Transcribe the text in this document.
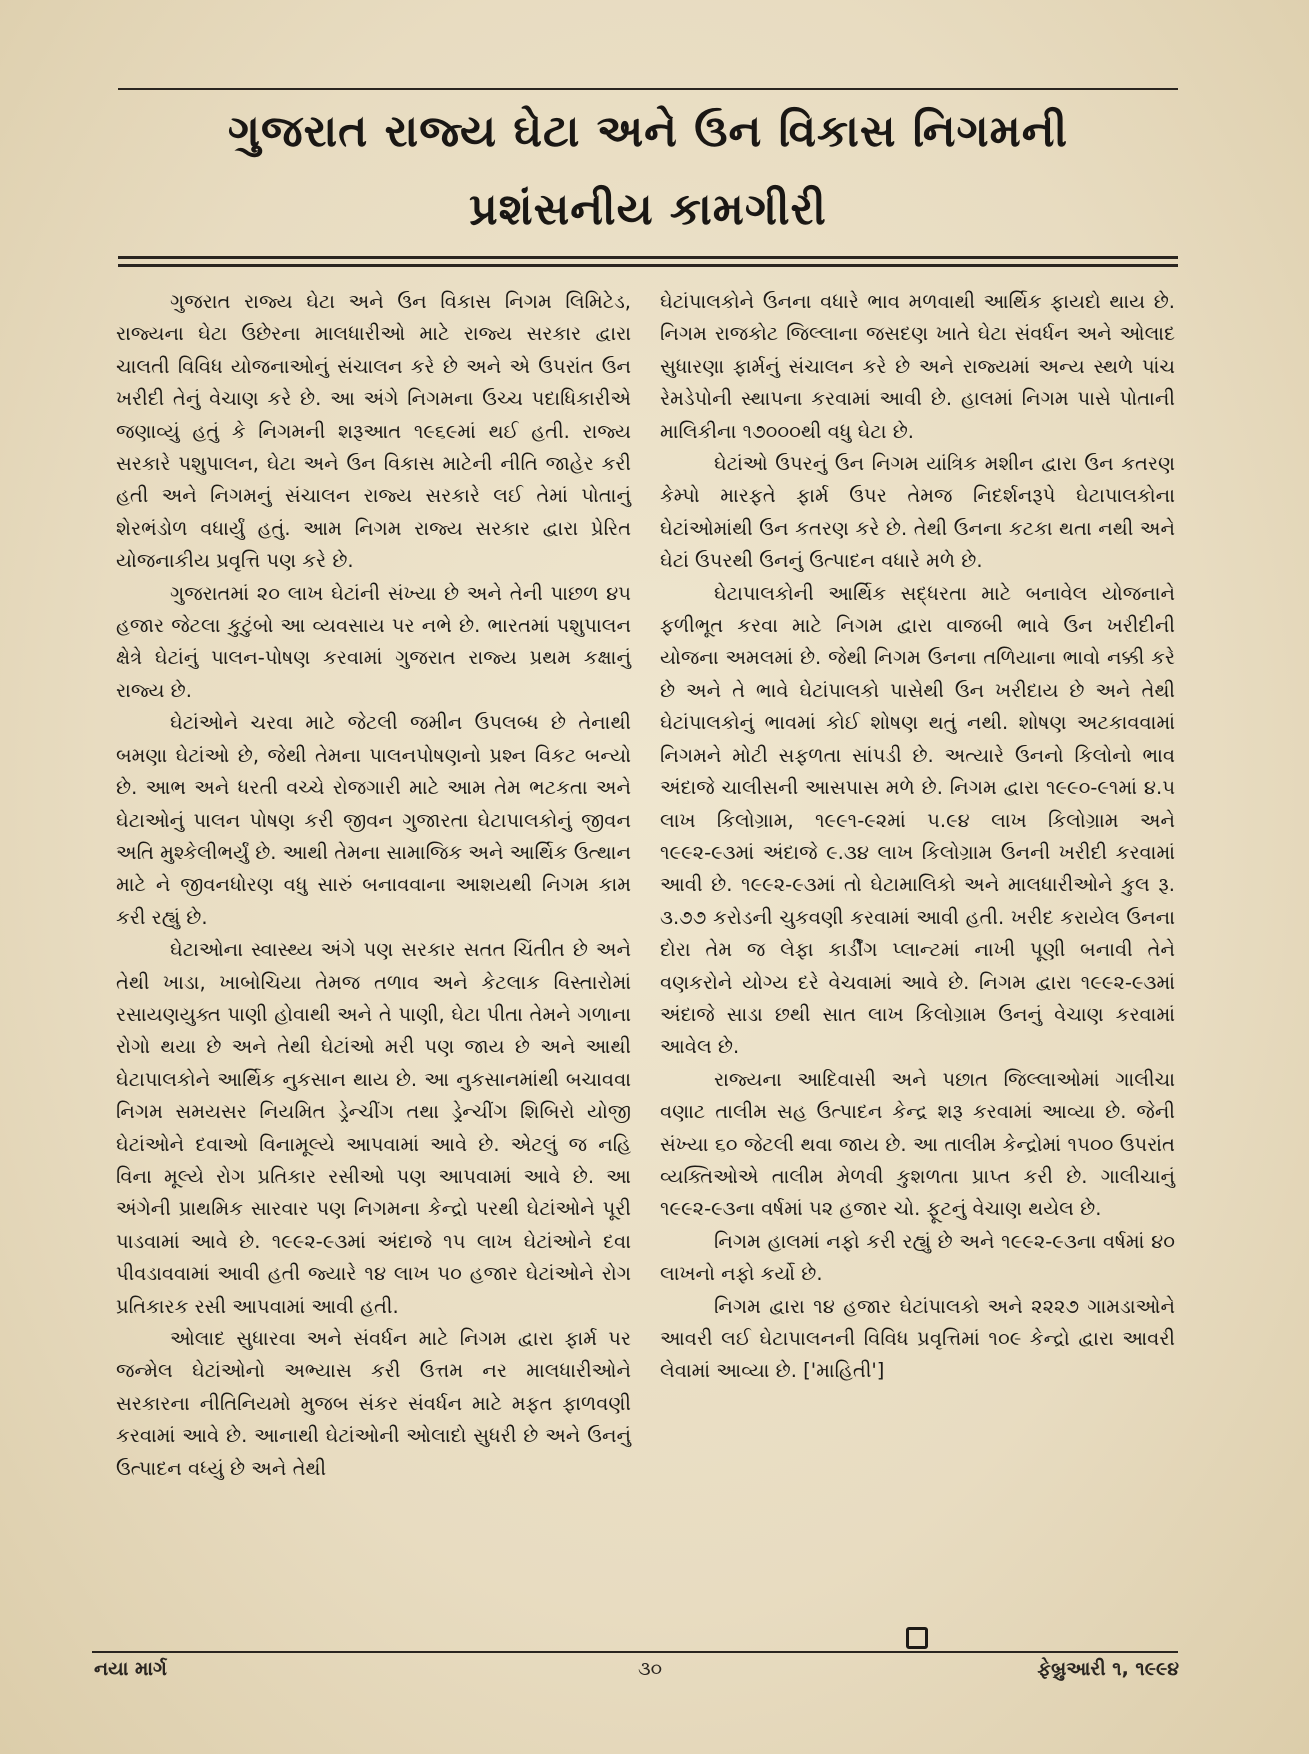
ગુજરાત રાજ્ય ઘેટા અને ઉન વિકાસ નિગમની
પ્રશંસનીય કામગીરી

ગુજરાત રાજ્ય ઘેટા અને ઉન વિકાસ નિગમ લિમિટેડ, રાજ્યના ઘેટા ઉછેરના માલધારીઓ માટે રાજ્ય સરકાર દ્વારા ચાલતી વિવિધ યોજનાઓનું સંચાલન કરે છે અને એ ઉપરાંત ઉન ખરીદી તેનું વેચાણ કરે છે. આ અંગે નિગમના ઉચ્ચ પદાધિકારીએ જણાવ્યું હતું કે નિગમની શરૂઆત ૧૯૬૯માં થઈ હતી. રાજ્ય સરકારે પશુપાલન, ઘેટા અને ઉન વિકાસ માટેની નીતિ જાહેર કરી હતી અને નિગમનું સંચાલન રાજ્ય સરકારે લઈ તેમાં પોતાનું શેરભંડોળ વધાર્યું હતું. આમ નિગમ રાજ્ય સરકાર દ્વારા પ્રેરિત યોજનાકીય પ્રવૃત્તિ પણ કરે છે.

ગુજરાતમાં ૨૦ લાખ ઘેટાંની સંખ્યા છે અને તેની પાછળ ૪૫ હજાર જેટલા કુટુંબો આ વ્યવસાય પર નભે છે. ભારતમાં પશુપાલન ક્ષેત્રે ઘેટાંનું પાલન-પોષણ કરવામાં ગુજરાત રાજ્ય પ્રથમ કક્ષાનું રાજ્ય છે.

ઘેટાંઓને ચરવા માટે જેટલી જમીન ઉપલબ્ધ છે તેનાથી બમણા ઘેટાંઓ છે, જેથી તેમના પાલનપોષણનો પ્રશ્ન વિકટ બન્યો છે. આભ અને ધરતી વચ્ચે રોજગારી માટે આમ તેમ ભટકતા અને ઘેટાઓનું પાલન પોષણ કરી જીવન ગુજારતા ઘેટાપાલકોનું જીવન અતિ મુશ્કેલીભર્યું છે. આથી તેમના સામાજિક અને આર્થિક ઉત્થાન માટે ને જીવનધોરણ વધુ સારું બનાવવાના આશયથી નિગમ કામ કરી રહ્યું છે.

ઘેટાઓના સ્વાસ્થ્ય અંગે પણ સરકાર સતત ચિંતીત છે અને તેથી ખાડા, ખાબોચિયા તેમજ તળાવ અને કેટલાક વિસ્તારોમાં રસાયણયુક્ત પાણી હોવાથી અને તે પાણી, ઘેટા પીતા તેમને ગળાના રોગો થયા છે અને તેથી ઘેટાંઓ મરી પણ જાય છે અને આથી ઘેટાપાલકોને આર્થિક નુકસાન થાય છે. આ નુકસાનમાંથી બચાવવા નિગમ સમયસર નિયમિત ડ્રેન્ચીંગ તથા ડ્રેન્ચીંગ શિબિરો યોજી ઘેટાંઓને દવાઓ વિનામૂલ્યે આપવામાં આવે છે. એટલું જ નહિ વિના મૂલ્યે રોગ પ્રતિકાર રસીઓ પણ આપવામાં આવે છે. આ અંગેની પ્રાથમિક સારવાર પણ નિગમના કેન્દ્રો પરથી ઘેટાંઓને પૂરી પાડવામાં આવે છે. ૧૯૯૨-૯૩માં અંદાજે ૧૫ લાખ ઘેટાંઓને દવા પીવડાવવામાં આવી હતી જ્યારે ૧૪ લાખ ૫૦ હજાર ઘેટાંઓને રોગ પ્રતિકારક રસી આપવામાં આવી હતી.

ઓલાદ સુધારવા અને સંવર્ધન માટે નિગમ દ્વારા ફાર્મ પર જન્મેલ ઘેટાંઓનો અભ્યાસ કરી ઉત્તમ નર માલધારીઓને સરકારના નીતિનિયમો મુજબ સંકર સંવર્ધન માટે મફત ફાળવણી કરવામાં આવે છે. આનાથી ઘેટાંઓની ઓલાદો સુધરી છે અને ઉનનું ઉત્પાદન વધ્યું છે અને તેથી

ઘેટાંપાલકોને ઉનના વધારે ભાવ મળવાથી આર્થિક ફાયદો થાય છે. નિગમ રાજકોટ જિલ્લાના જસદણ ખાતે ઘેટા સંવર્ધન અને ઓલાદ સુધારણા ફાર્મનું સંચાલન કરે છે અને રાજ્યમાં અન્ય સ્થળે પાંચ રેમડેપોની સ્થાપના કરવામાં આવી છે. હાલમાં નિગમ પાસે પોતાની માલિકીના ૧૭૦૦૦થી વધુ ઘેટા છે.

ઘેટાંઓ ઉપરનું ઉન નિગમ યાંત્રિક મશીન દ્વારા ઉન કતરણ કેમ્પો મારફતે ફાર્મ ઉપર તેમજ નિદર્શનરૂપે ઘેટાપાલકોના ઘેટાંઓમાંથી ઉન કતરણ કરે છે. તેથી ઉનના કટકા થતા નથી અને ઘેટાં ઉપરથી ઉનનું ઉત્પાદન વધારે મળે છે.

ઘેટાપાલકોની આર્થિક સદ્ધરતા માટે બનાવેલ યોજનાને ફળીભૂત કરવા માટે નિગમ દ્વારા વાજબી ભાવે ઉન ખરીદીની યોજના અમલમાં છે. જેથી નિગમ ઉનના તળિયાના ભાવો નક્કી કરે છે અને તે ભાવે ઘેટાંપાલકો પાસેથી ઉન ખરીદાય છે અને તેથી ઘેટાંપાલકોનું ભાવમાં કોઈ શોષણ થતું નથી. શોષણ અટકાવવામાં નિગમને મોટી સફળતા સાંપડી છે. અત્યારે ઉનનો કિલોનો ભાવ અંદાજે ચાલીસની આસપાસ મળે છે. નિગમ દ્વારા ૧૯૯૦-૯૧માં ૪.૫ લાખ કિલોગ્રામ, ૧૯૯૧-૯૨માં ૫.૯૪ લાખ કિલોગ્રામ અને ૧૯૯૨-૯૩માં અંદાજે ૯.૩૪ લાખ કિલોગ્રામ ઉનની ખરીદી કરવામાં આવી છે. ૧૯૯૨-૯૩માં તો ઘેટામાલિકો અને માલધારીઓને કુલ રૂ. ૩.૭૭ કરોડની ચુકવણી કરવામાં આવી હતી. ખરીદ કરાયેલ ઉનના દોરા તેમ જ લેફા કાર્ડીંગ પ્લાન્ટમાં નાખી પૂણી બનાવી તેને વણકરોને યોગ્ય દરે વેચવામાં આવે છે. નિગમ દ્વારા ૧૯૯૨-૯૩માં અંદાજે સાડા છથી સાત લાખ કિલોગ્રામ ઉનનું વેચાણ કરવામાં આવેલ છે.

રાજ્યના આદિવાસી અને પછાત જિલ્લાઓમાં ગાલીચા વણાટ તાલીમ સહ ઉત્પાદન કેન્દ્ર શરૂ કરવામાં આવ્યા છે. જેની સંખ્યા ૬૦ જેટલી થવા જાય છે. આ તાલીમ કેન્દ્રોમાં ૧૫૦૦ ઉપરાંત વ્યક્તિઓએ તાલીમ મેળવી કુશળતા પ્રાપ્ત કરી છે. ગાલીચાનું ૧૯૯૨-૯૩ના વર્ષમાં ૫૨ હજાર ચો. ફૂટનું વેચાણ થયેલ છે.

નિગમ હાલમાં નફો કરી રહ્યું છે અને ૧૯૯૨-૯૩ના વર્ષમાં ૪૦ લાખનો નફો કર્યો છે.

નિગમ દ્વારા ૧૪ હજાર ઘેટાંપાલકો અને ૨૨૨૭ ગામડાઓને આવરી લઈ ઘેટાપાલનની વિવિધ પ્રવૃત્તિમાં ૧૦૯ કેન્દ્રો દ્વારા આવરી લેવામાં આવ્યા છે. ['માહિતી']

નયા માર્ગ	૩૦	ફેબ્રુઆરી ૧, ૧૯૯૪
